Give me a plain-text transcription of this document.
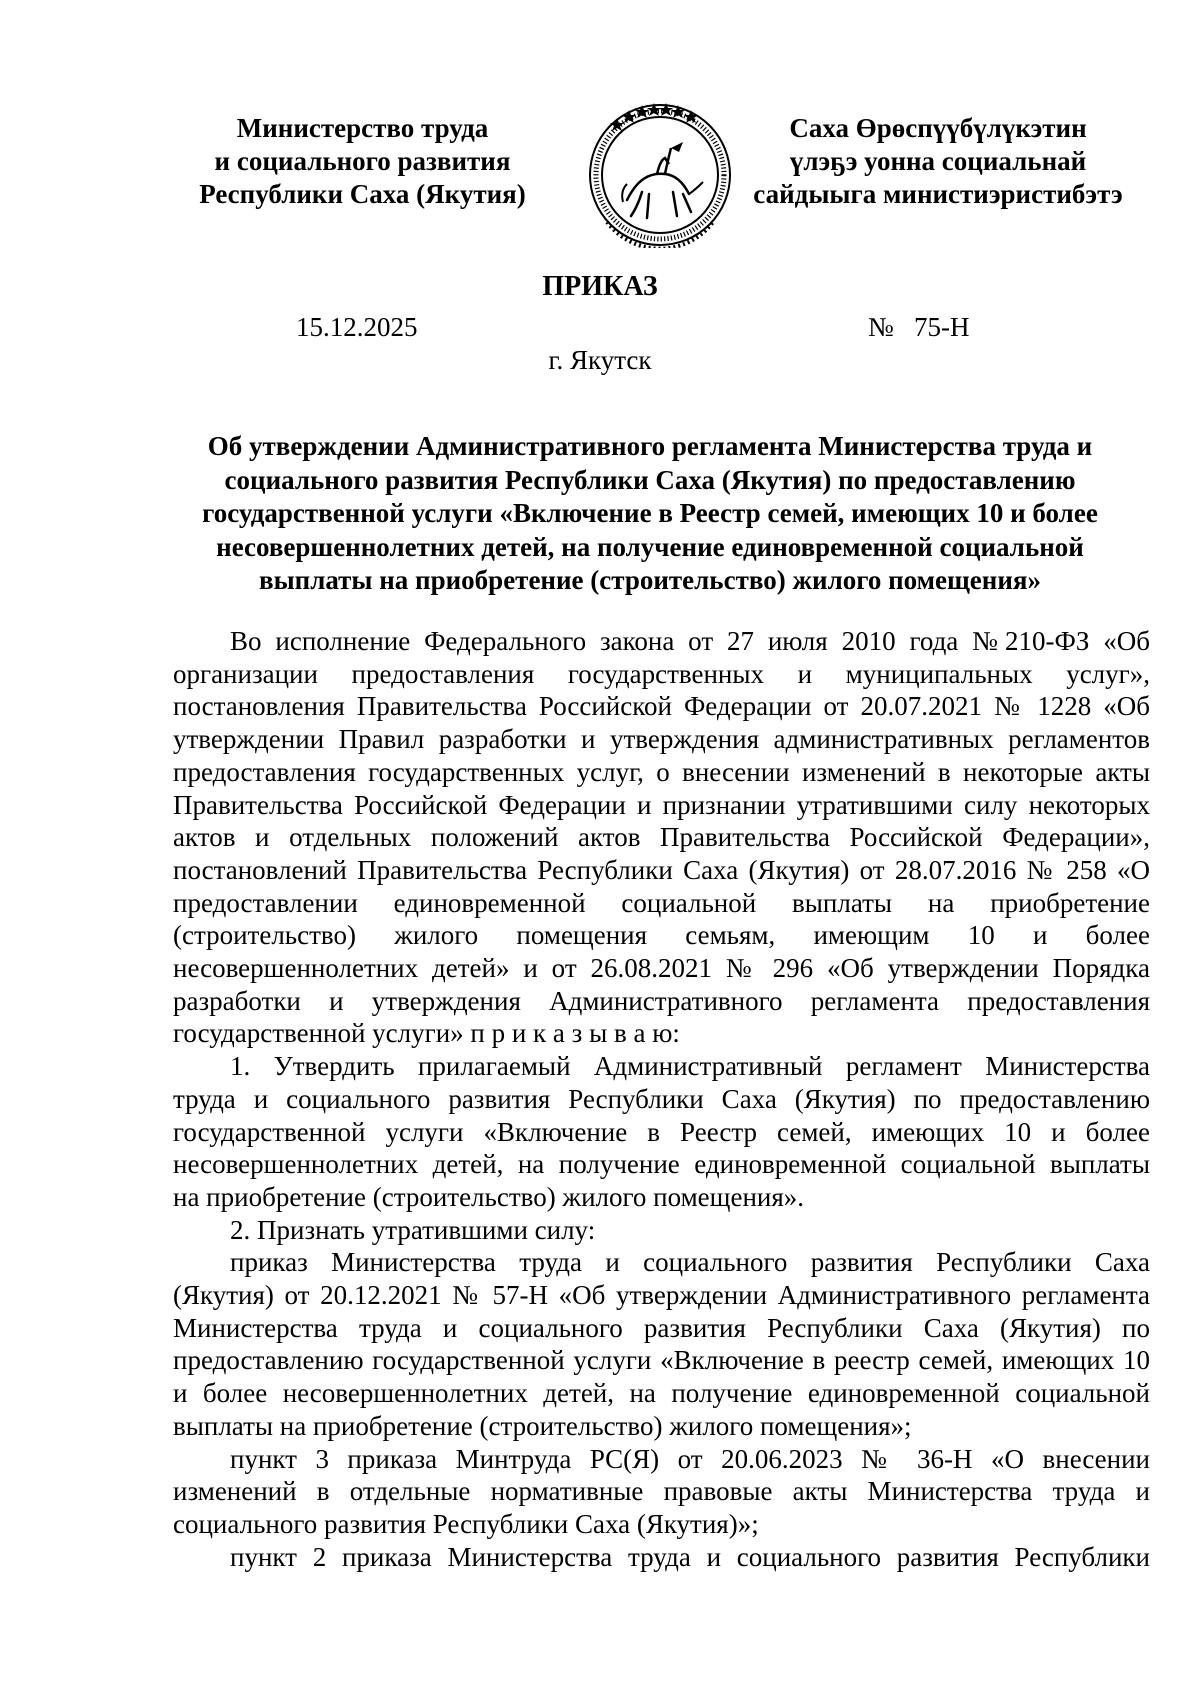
Министерство труда
и социального развития
Республики Саха (Якутия)
Саха Өрөспүүбүлүкэтин
үлэҕэ уонна социальнай
сайдыыга министиэристибэтэ
ПРИКАЗ
15.12.2025	№   75-Н
г. Якутск
Об утверждении Административного регламента Министерства труда и
социального развития Республики Саха (Якутия) по предоставлению
государственной услуги «Включение в Реестр семей, имеющих 10 и более
несовершеннолетних детей, на получение единовременной социальной
выплаты на приобретение (строительство) жилого помещения»
Во исполнение Федерального закона от 27 июля 2010 года №210-ФЗ «Об
организации предоставления государственных и муниципальных услуг»,
постановления Правительства Российской Федерации от 20.07.2021 № 1228 «Об
утверждении Правил разработки и утверждения административных регламентов
предоставления государственных услуг, о внесении изменений в некоторые акты
Правительства Российской Федерации и признании утратившими силу некоторых
актов и отдельных положений актов Правительства Российской Федерации»,
постановлений Правительства Республики Саха (Якутия) от 28.07.2016 № 258 «О
предоставлении единовременной социальной выплаты на приобретение
(строительство) жилого помещения семьям, имеющим 10 и более
несовершеннолетних детей» и от 26.08.2021 № 296 «Об утверждении Порядка
разработки и утверждения Административного регламента предоставления
государственной услуги» п р и к а з ы в а ю:
1. Утвердить прилагаемый Административный регламент Министерства
труда и социального развития Республики Саха (Якутия) по предоставлению
государственной услуги «Включение в Реестр семей, имеющих 10 и более
несовершеннолетних детей, на получение единовременной социальной выплаты
на приобретение (строительство) жилого помещения».
2. Признать утратившими силу:
приказ Министерства труда и социального развития Республики Саха
(Якутия) от 20.12.2021 № 57-Н «Об утверждении Административного регламента
Министерства труда и социального развития Республики Саха (Якутия) по
предоставлению государственной услуги «Включение в реестр семей, имеющих 10
и более несовершеннолетних детей, на получение единовременной социальной
выплаты на приобретение (строительство) жилого помещения»;
пункт 3 приказа Минтруда РС(Я) от 20.06.2023 № 36-Н «О внесении
изменений в отдельные нормативные правовые акты Министерства труда и
социального развития Республики Саха (Якутия)»;
пункт 2 приказа Министерства труда и социального развития Республики
